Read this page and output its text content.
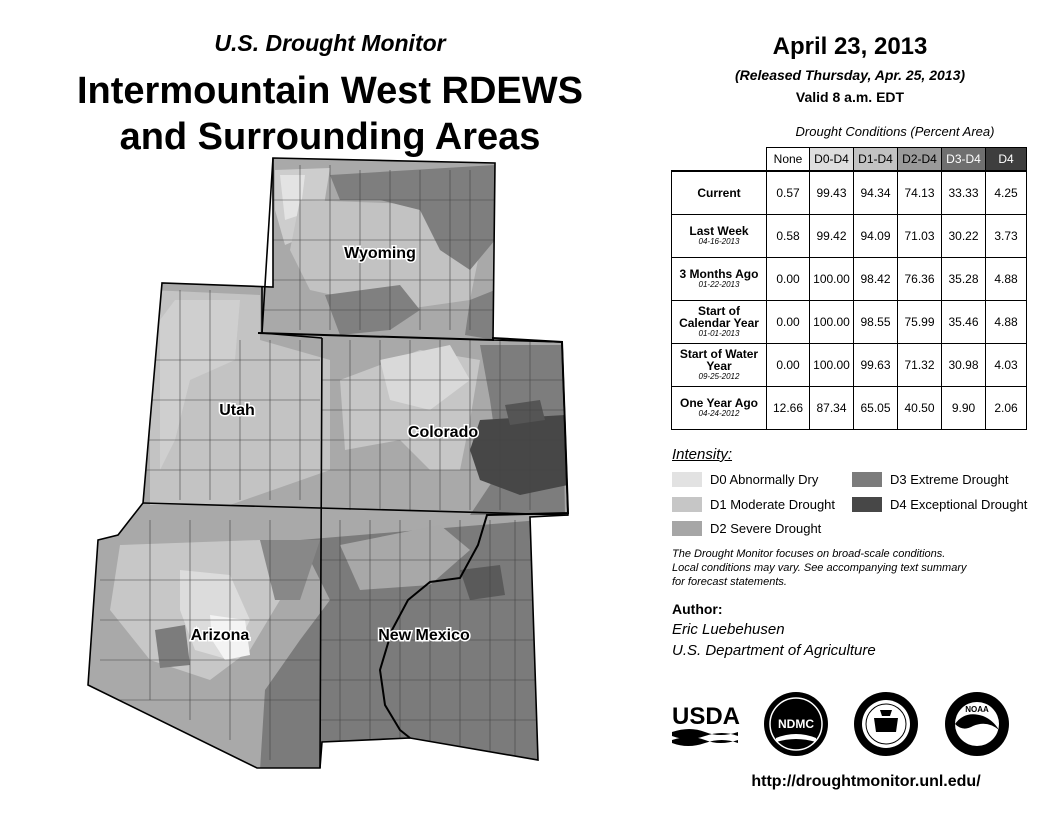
Wyoming
Utah
Colorado
Arizona	New Mexico
U.S. Drought Monitor
Intermountain West RDEWS
and Surrounding Areas
April 23, 2013
(Released Thursday, Apr. 25, 2013)
Valid 8 a.m. EDT
Drought Conditions (Percent Area)
	None	D0-D4	D1-D4	D2-D4	D3-D4	D4
Current	0.57	99.43	94.34	74.13	33.33	4.25
Last Week
04-16-2013	0.58	99.42	94.09	71.03	30.22	3.73
3 Months Ago
01-22-2013	0.00	100.00	98.42	76.36	35.28	4.88
Start of Calendar Year
01-01-2013	0.00	100.00	98.55	75.99	35.46	4.88
Start of Water Year
09-25-2012	0.00	100.00	99.63	71.32	30.98	4.03
One Year Ago
04-24-2012	12.66	87.34	65.05	40.50	9.90	2.06
Intensity:
D0 Abnormally Dry
D1 Moderate Drought
D2 Severe Drought
D3 Extreme Drought
D4 Exceptional Drought
The Drought Monitor focuses on broad-scale conditions.
Local conditions may vary. See accompanying text summary
for forecast statements.
Author:
Eric Luebehusen
U.S. Department of Agriculture
USDA	NDMC
NOAA
http://droughtmonitor.unl.edu/
